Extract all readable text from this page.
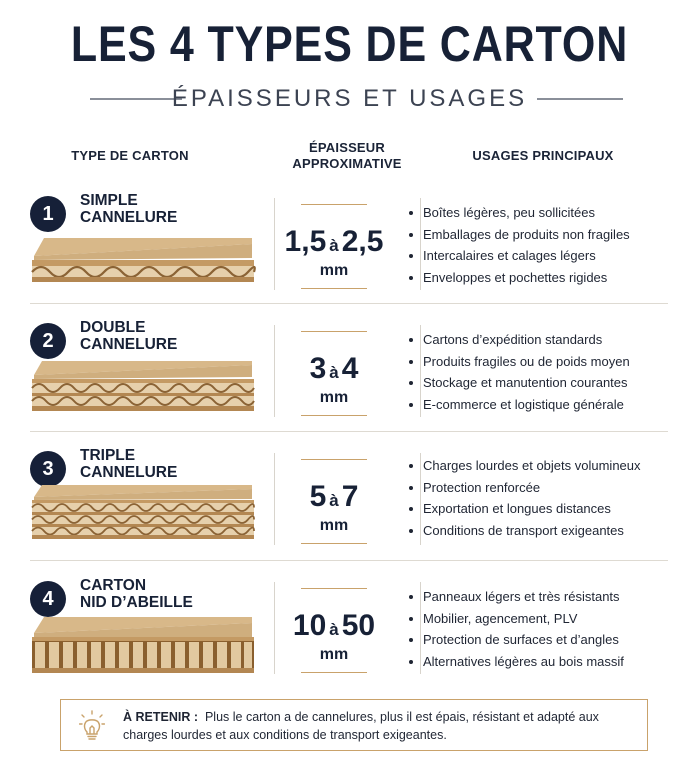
LES 4 TYPES DE CARTON
ÉPAISSEURS ET USAGES
TYPE DE CARTON
ÉPAISSEUR
APPROXIMATIVE
USAGES PRINCIPAUX
1
SIMPLE
CANNELURE
1,5 à 2,5
mm
Boîtes légères, peu sollicitées
Emballages de produits non fragiles
Intercalaires et calages légers
Enveloppes et pochettes rigides
2
DOUBLE
CANNELURE
3 à 4
mm
Cartons d’expédition standards
Produits fragiles ou de poids moyen
Stockage et manutention courantes
E-commerce et logistique générale
3
TRIPLE
CANNELURE
5 à 7
mm
Charges lourdes et objets volumineux
Protection renforcée
Exportation et longues distances
Conditions de transport exigeantes
4
CARTON
NID D’ABEILLE
10 à 50
mm
Panneaux légers et très résistants
Mobilier, agencement, PLV
Protection de surfaces et d’angles
Alternatives légères au bois massif
À RETENIR : Plus le carton a de cannelures, plus il est épais, résistant et adapté aux charges lourdes et aux conditions de transport exigeantes.
